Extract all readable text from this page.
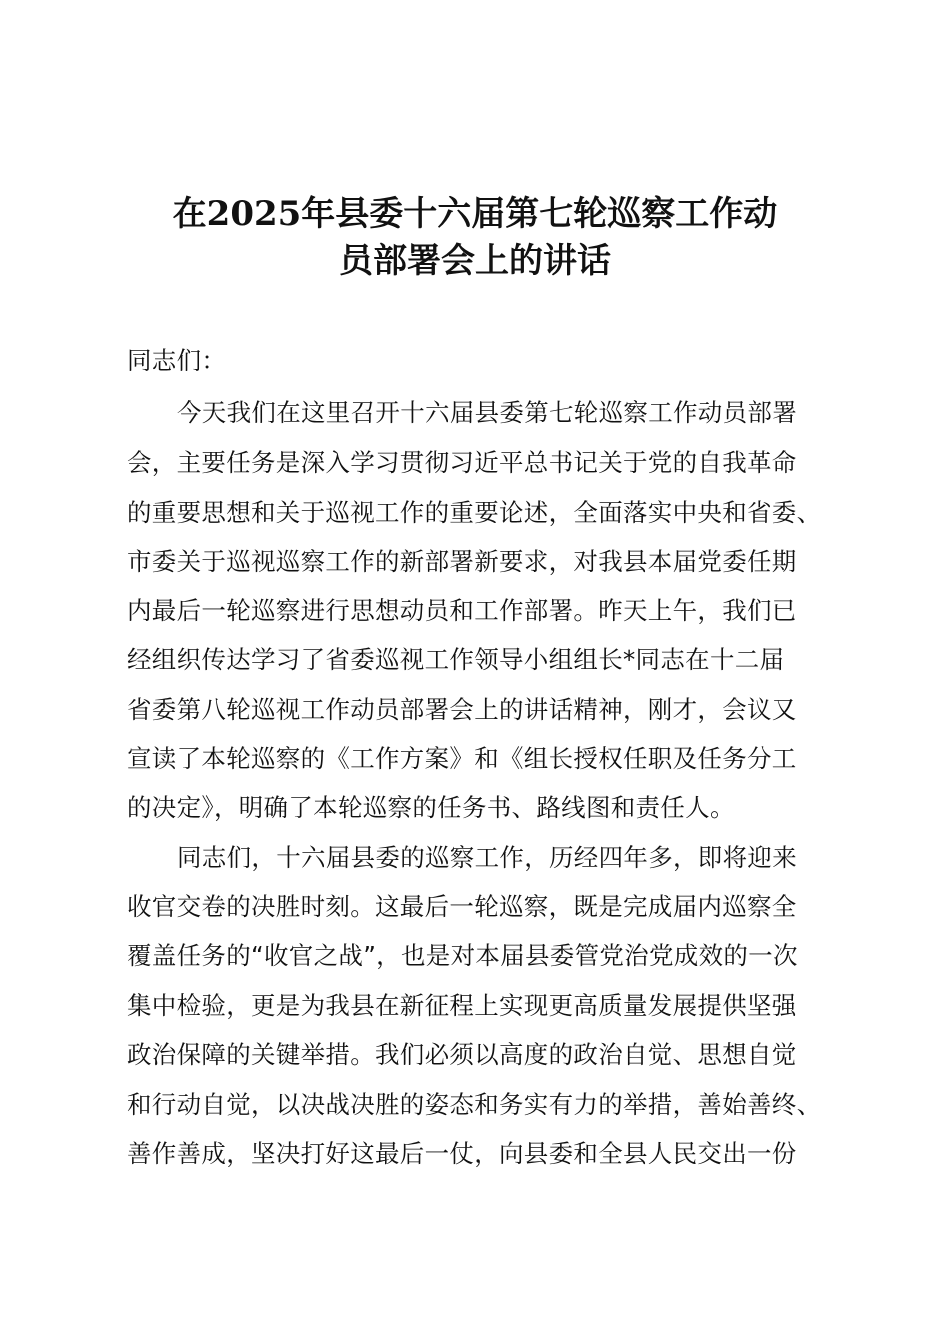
在2025年县委十六届第七轮巡察工作动
员部署会上的讲话
同志们：
今天我们在这里召开十六届县委第七轮巡察工作动员部署
会，主要任务是深入学习贯彻习近平总书记关于党的自我革命
的重要思想和关于巡视工作的重要论述，全面落实中央和省委、
市委关于巡视巡察工作的新部署新要求，对我县本届党委任期
内最后一轮巡察进行思想动员和工作部署。昨天上午，我们已
经组织传达学习了省委巡视工作领导小组组长*同志在十二届
省委第八轮巡视工作动员部署会上的讲话精神，刚才，会议又
宣读了本轮巡察的《工作方案》和《组长授权任职及任务分工
的决定》，明确了本轮巡察的任务书、路线图和责任人。
同志们，十六届县委的巡察工作，历经四年多，即将迎来
收官交卷的决胜时刻。这最后一轮巡察，既是完成届内巡察全
覆盖任务的“收官之战”，也是对本届县委管党治党成效的一次
集中检验，更是为我县在新征程上实现更高质量发展提供坚强
政治保障的关键举措。我们必须以高度的政治自觉、思想自觉
和行动自觉，以决战决胜的姿态和务实有力的举措，善始善终、
善作善成，坚决打好这最后一仗，向县委和全县人民交出一份
